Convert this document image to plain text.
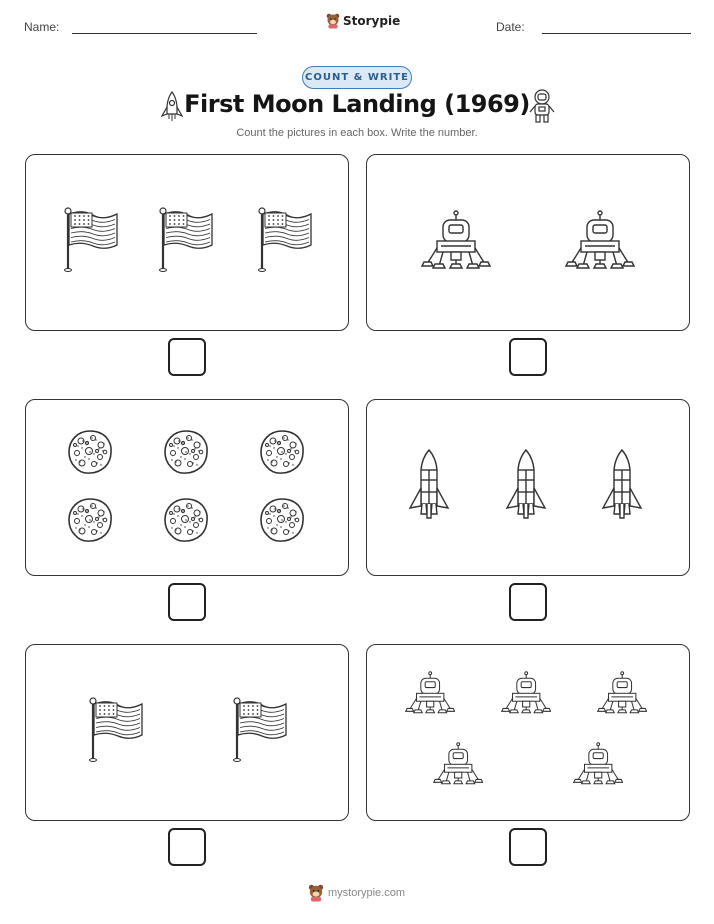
Name:	Storypie	Date:
COUNT & WRITE
First Moon Landing (1969)
Count the pictures in each box. Write the number.
mystorypie.com
